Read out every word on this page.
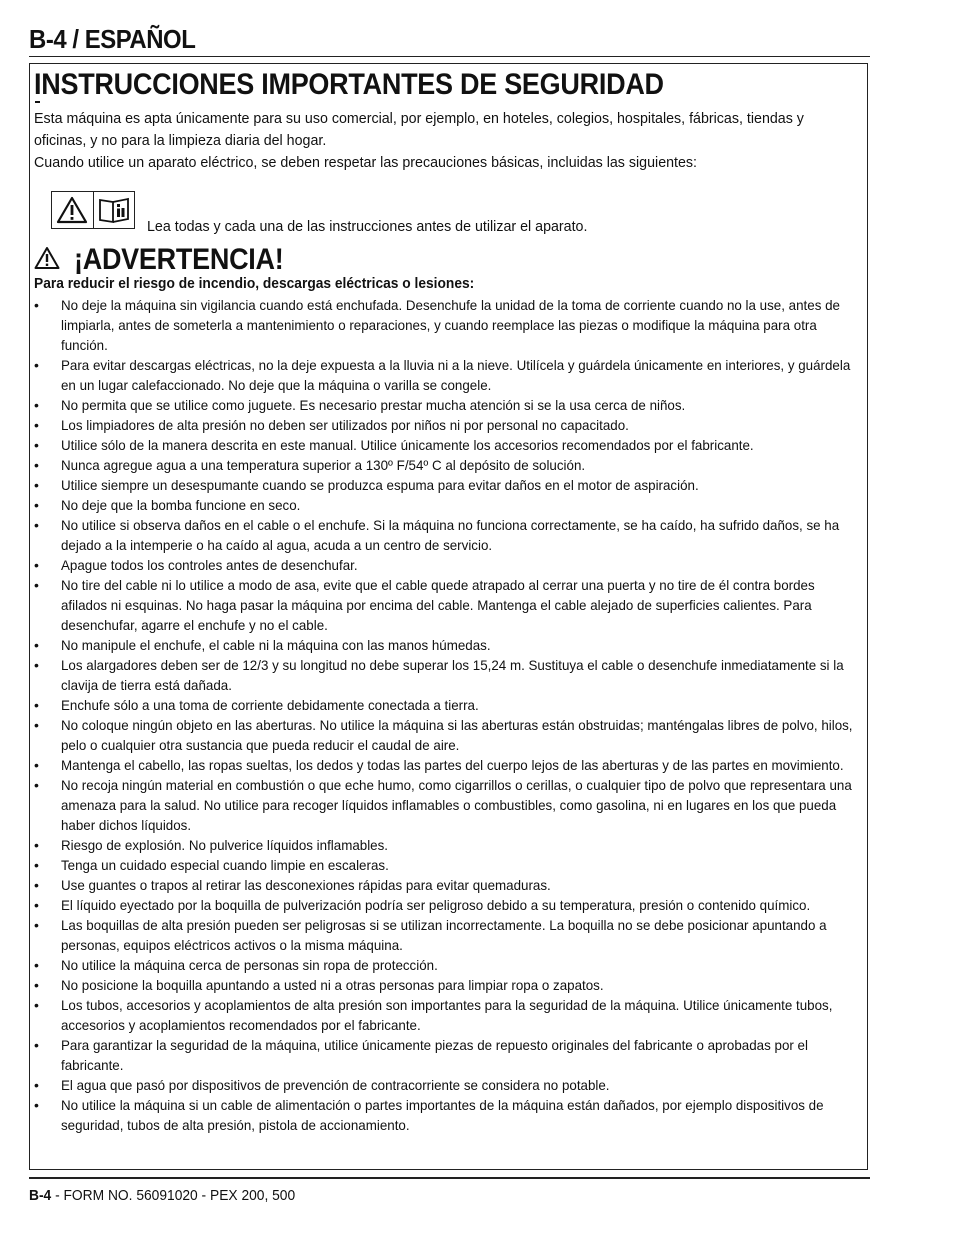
B-4 / ESPAÑOL
INSTRUCCIONES IMPORTANTES DE SEGURIDAD

Esta máquina es apta únicamente para su uso comercial, por ejemplo, en hoteles, colegios, hospitales, fábricas, tiendas y oficinas, y no para la limpieza diaria del hogar.

Cuando utilice un aparato eléctrico, se deben respetar las precauciones básicas, incluidas las siguientes:

Lea todas y cada una de las instrucciones antes de utilizar el aparato.
¡ADVERTENCIA!
Para reducir el riesgo de incendio, descargas eléctricas o lesiones:
• No deje la máquina sin vigilancia cuando está enchufada. Desenchufe la unidad de la toma de corriente cuando no la use, antes de limpiarla, antes de someterla a mantenimiento o reparaciones, y cuando reemplace las piezas o modifique la máquina para otra función.
• Para evitar descargas eléctricas, no la deje expuesta a la lluvia ni a la nieve. Utilícela y guárdela únicamente en interiores, y guárdela en un lugar calefaccionado. No deje que la máquina o varilla se congele.
• No permita que se utilice como juguete. Es necesario prestar mucha atención si se la usa cerca de niños.
• Los limpiadores de alta presión no deben ser utilizados por niños ni por personal no capacitado.
• Utilice sólo de la manera descrita en este manual. Utilice únicamente los accesorios recomendados por el fabricante.
• Nunca agregue agua a una temperatura superior a 130º F/54º C al depósito de solución.
• Utilice siempre un desespumante cuando se produzca espuma para evitar daños en el motor de aspiración.
• No deje que la bomba funcione en seco.
• No utilice si observa daños en el cable o el enchufe. Si la máquina no funciona correctamente, se ha caído, ha sufrido daños, se ha dejado a la intemperie o ha caído al agua, acuda a un centro de servicio.
• Apague todos los controles antes de desenchufar.
• No tire del cable ni lo utilice a modo de asa, evite que el cable quede atrapado al cerrar una puerta y no tire de él contra bordes afilados ni esquinas. No haga pasar la máquina por encima del cable. Mantenga el cable alejado de superficies calientes. Para desenchufar, agarre el enchufe y no el cable.
• No manipule el enchufe, el cable ni la máquina con las manos húmedas.
• Los alargadores deben ser de 12/3 y su longitud no debe superar los 15,24 m. Sustituya el cable o desenchufe inmediatamente si la clavija de tierra está dañada.
• Enchufe sólo a una toma de corriente debidamente conectada a tierra.
• No coloque ningún objeto en las aberturas. No utilice la máquina si las aberturas están obstruidas; manténgalas libres de polvo, hilos, pelo o cualquier otra sustancia que pueda reducir el caudal de aire.
• Mantenga el cabello, las ropas sueltas, los dedos y todas las partes del cuerpo lejos de las aberturas y de las partes en movimiento.
• No recoja ningún material en combustión o que eche humo, como cigarrillos o cerillas, o cualquier tipo de polvo que representara una amenaza para la salud. No utilice para recoger líquidos inflamables o combustibles, como gasolina, ni en lugares en los que pueda haber dichos líquidos.
• Riesgo de explosión. No pulverice líquidos inflamables.
• Tenga un cuidado especial cuando limpie en escaleras.
• Use guantes o trapos al retirar las desconexiones rápidas para evitar quemaduras.
• El líquido eyectado por la boquilla de pulverización podría ser peligroso debido a su temperatura, presión o contenido químico.
• Las boquillas de alta presión pueden ser peligrosas si se utilizan incorrectamente. La boquilla no se debe posicionar apuntando a personas, equipos eléctricos activos o la misma máquina.
• No utilice la máquina cerca de personas sin ropa de protección.
• No posicione la boquilla apuntando a usted ni a otras personas para limpiar ropa o zapatos.
• Los tubos, accesorios y acoplamientos de alta presión son importantes para la seguridad de la máquina. Utilice únicamente tubos, accesorios y acoplamientos recomendados por el fabricante.
• Para garantizar la seguridad de la máquina, utilice únicamente piezas de repuesto originales del fabricante o aprobadas por el fabricante.
• El agua que pasó por dispositivos de prevención de contracorriente se considera no potable.
• No utilice la máquina si un cable de alimentación o partes importantes de la máquina están dañados, por ejemplo dispositivos de seguridad, tubos de alta presión, pistola de accionamiento.
B-4 - FORM NO. 56091020 - PEX 200, 500
